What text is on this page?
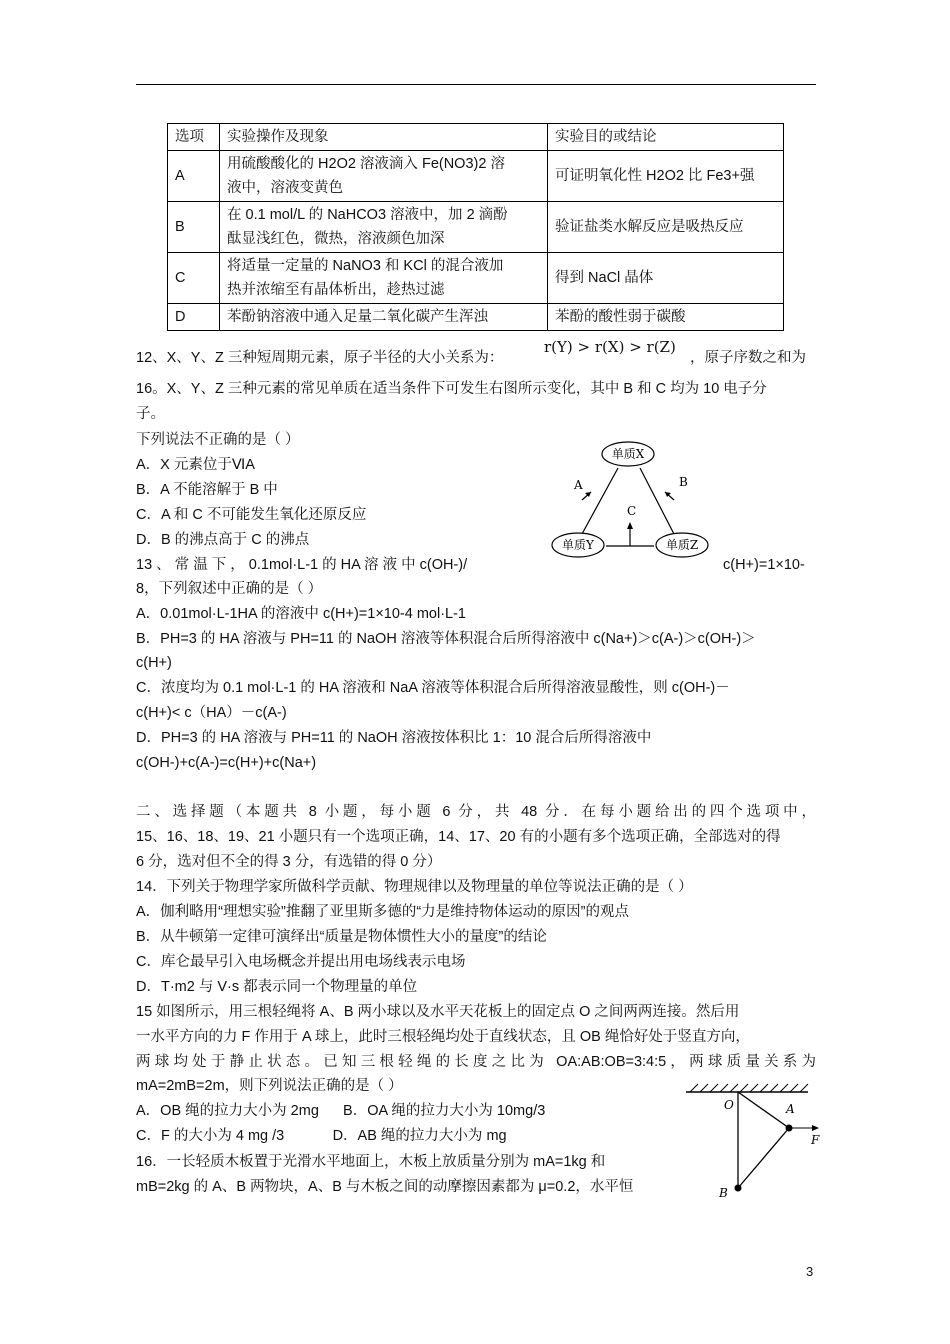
选项	实验操作及现象	实验目的或结论
A	用硫酸酸化的 H2O2 溶液滴入 Fe(NO3)2 溶
液中，溶液变黄色	可证明氧化性 H2O2 比 Fe3+强
B	在 0.1 mol/L 的 NaHCO3 溶液中，加 2 滴酚
酞显浅红色，微热，溶液颜色加深	验证盐类水解反应是吸热反应
C	将适量一定量的 NaNO3 和 KCl 的混合液加
热并浓缩至有晶体析出，趁热过滤	得到 NaCl 晶体
D	苯酚钠溶液中通入足量二氧化碳产生浑浊	苯酚的酸性弱于碳酸
12、X、Y、Z 三种短周期元素，原子半径的大小关系为：
r(Y) > r(X) > r(Z)
，原子序数之和为
16。X、Y、Z 三种元素的常见单质在适当条件下可发生右图所示变化，其中 B 和 C 均为 10 电子分
子。
下列说法不正确的是（ ）
A．X 元素位于ⅥA
B．A 不能溶解于 B 中
C．A 和 C 不可能发生氧化还原反应
D．B 的沸点高于 C 的沸点
单质X
单质Y	单质Z
A	B
C
13 、 常 温 下 ， 0.1mol·L-1 的 HA 溶 液 中 c(OH-)/	c(H+)=1×10-
8，下列叙述中正确的是（ ）
A．0.01mol·L-1HA 的溶液中 c(H+)=1×10-4 mol·L-1
B．PH=3 的 HA 溶液与 PH=11 的 NaOH 溶液等体积混合后所得溶液中 c(Na+)＞c(A-)＞c(OH-)＞
c(H+)
C．浓度均为 0.1 mol·L-1 的 HA 溶液和 NaA 溶液等体积混合后所得溶液显酸性，则 c(OH-)－
c(H+)< c（HA）－c(A-)
D．PH=3 的 HA 溶液与 PH=11 的 NaOH 溶液按体积比 1：10 混合后所得溶液中
c(OH-)+c(A-)=c(H+)+c(Na+)
二、选择题（本题共 8 小题，每小题 6 分，共 48 分．在每小题给出的四个选项中，
15、16、18、19、21 小题只有一个选项正确，14、17、20 有的小题有多个选项正确，全部选对的得
6 分，选对但不全的得 3 分，有选错的得 0 分）
14．下列关于物理学家所做科学贡献、物理规律以及物理量的单位等说法正确的是（ ）
A．伽利略用“理想实验”推翻了亚里斯多德的“力是维持物体运动的原因”的观点
B．从牛顿第一定律可演绎出“质量是物体惯性大小的量度”的结论
C．库仑最早引入电场概念并提出用电场线表示电场
D．T·m2 与 V·s 都表示同一个物理量的单位
15 如图所示，用三根轻绳将 A、B 两小球以及水平天花板上的固定点 O 之间两两连接。然后用
一水平方向的力 F 作用于 A 球上，此时三根轻绳均处于直线状态，且 OB 绳恰好处于竖直方向，
两球均处于静止状态。已知三根轻绳的长度之比为 OA:AB:OB=3:4:5，两球质量关系为
mA=2mB=2m，则下列说法正确的是（ ）
A．OB 绳的拉力大小为 2mg      B．OA 绳的拉力大小为 10mg/3
C．F 的大小为 4 mg /3            D．AB 绳的拉力大小为 mg
O	A
B
F
16．一长轻质木板置于光滑水平地面上，木板上放质量分别为 mA=1kg 和
mB=2kg 的 A、B 两物块，A、B 与木板之间的动摩擦因素都为 μ=0.2，水平恒
3
